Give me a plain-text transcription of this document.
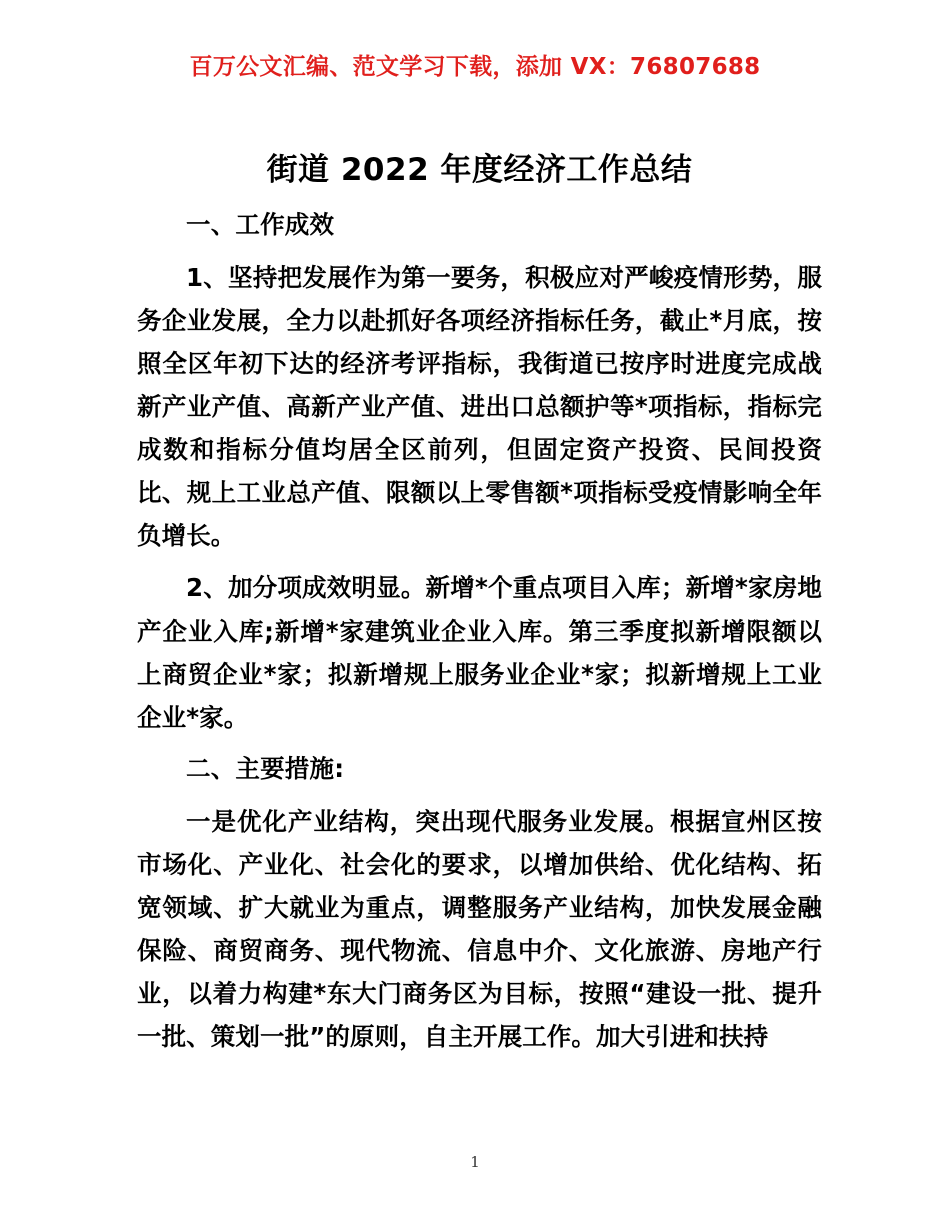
百万公文汇编、范文学习下载，添加 VX：76807688
街道 2022 年度经济工作总结

一、工作成效

1、坚持把发展作为第一要务，积极应对严峻疫情形势，服务企业发展，全力以赴抓好各项经济指标任务，截止*月底，按照全区年初下达的经济考评指标，我街道已按序时进度完成战新产业产值、高新产业产值、进出口总额护等*项指标，指标完成数和指标分值均居全区前列，但固定资产投资、民间投资比、规上工业总产值、限额以上零售额*项指标受疫情影响全年负增长。

2、加分项成效明显。新增*个重点项目入库；新增*家房地产企业入库;新增*家建筑业企业入库。第三季度拟新增限额以上商贸企业*家；拟新增规上服务业企业*家；拟新增规上工业企业*家。

二、主要措施:

一是优化产业结构，突出现代服务业发展。根据宣州区按市场化、产业化、社会化的要求，以增加供给、优化结构、拓宽领域、扩大就业为重点，调整服务产业结构，加快发展金融保险、商贸商务、现代物流、信息中介、文化旅游、房地产行业，以着力构建*东大门商务区为目标，按照“建设一批、提升一批、策划一批”的原则，自主开展工作。加大引进和扶持

1
